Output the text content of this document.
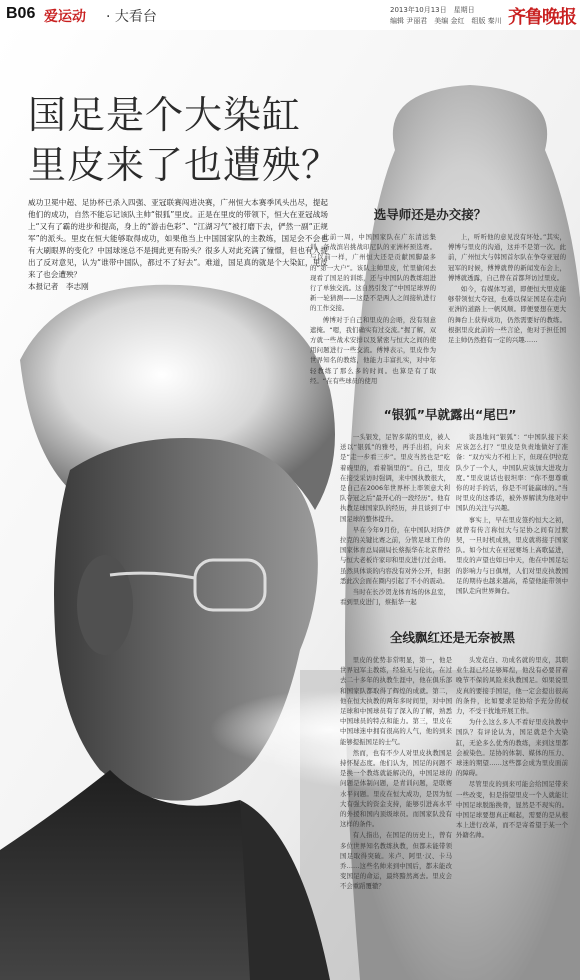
B06 爱运动 · 大看台	2013年10月13日　星期日
编辑 尹丽君　美编 金红　组版 秦川 齐鲁晚报
国足是个大染缸
里皮来了也遭殃？
威功卫冕中超、足协杯已杀入四强、亚冠联赛闯进决赛，广州恒大本赛季风头出尽，提起他们的成功，自然不能忘记该队主帅“银狐”里皮。正是在里皮的带领下，恒大在亚冠战场上“又有了霸的进步和提高，身上的“游击色彩”、“江湖习气”被打磨下去，俨然一副“正规军”的派头。里皮在恒大能够取得成功，如果他当上中国国家队的主教练，国足会不会也有大刷眼界的变化？中国球迷总不是拥此更有盼头？很多人对此充满了憧憬，但也有人提出了反对意见，认为“谁带中国队，都过不了好去”。难道，国足真的就是个大染缸，里皮来了也会遭殃？
本报记者　李志刚
选导师还是办交接？

此前一周，中国国家队在广东清远集训，备战滨岩挑战印尼队的亚洲杯预选赛。与以前一样，广州恒大还是贡献国脚最多的“第一大户”。该队主帅里皮，忙里偷闲去现看了国足的训练，还与中国队的教练组进行了单独交流。这自然引发了“中国足球界的新一轮猜测——这是不是两人之间接轨进行的工作交接。

傅博对于自己和里皮的会晤，没有刻意遮掩。“嗯，我们确实有过交流。”握了解，双方就一些战术安排以及紧密与恒大之间的使用问题进行一些交流。傅博表示，里皮作为世界知名的教练，他能力丰富扎实，对中年轻教练了那么多的时间。也算是有了取经。“在有些球员的使用

上，听听他的意见没有坏处。”其实，傅博与里皮的沟通，这并不是第一次。此前，广州恒大与韩国首尔队在争夺亚冠的冠军的时候，傅博就曾的新闻发布会上，傅博就透露，自己曾在首都拜访过里皮。

如今，有媒体写道，即便恒大里皮能够带领恒大夺冠，也难以保证国足在走向亚洲的道路上一帆风顺。即便要想在更大的舞台上获得成功，仍然需要好的教练。根据里皮此前的一些言论，他对于担任国足主帅仍然抱有一定的兴趣……

“银狐”早就露出“尾巴”

一头银发，足智多谋的里皮，被人送以“银狐”的雅号，再手出招，向来是“走一步看三步”。里皮当然也是“吃着碗里的，看着锅里的”。自己，里皮在接受采访时强调，来中国执教很大，是自己在2006年世界杯上率领意大利队夺冠之后“最开心的一段经历”。他有执教足球国家队的经历，并且谈到了中国足球的整体提升。

早在今年9月份，在中国队对阵伊拉克的关键比赛之前，分管足球工作的国家体育总局副局长蔡振华在北京曾经与恒大老板许家印和里皮进行过会晤。虽然具体谈的内容没有对外公开，但据悉此次会面在圈内引起了不小的震动。

当时在长沙贺龙体育场的休息室，看到里皮进门，蔡振华一起

谈恳地问“银狐”：“中国队接下来应该怎么打？”里皮是负责地做好了准备：“双方实力不相上下，但现在伊拉克队少了一个人，中国队应该加大进攻力度。”里皮说话也很坦率：“你不想尊重你的对手的话，你是不可能赢球的。”当时里皮的这番话，被外界解读为他对中国队的关注与兴趣。

事实上，早在里皮签约恒大之初，就曾有传言称恒大与足协之间有过默契，一旦时机成熟，里皮就将接手国家队。如今恒大在亚冠赛场上高歌猛进，里皮的声望也如日中天，他在中国足坛的影响力与日俱增，人们对里皮执教国足的期待也越来越高，希望他能带领中国队走向世界舞台。

全线飘红还是无奈被黑

里皮的优势非常明显，第一，他是世界冠军主教练，经验无与伦比，在过去二十多年的执教生涯中，他在俱乐部和国家队都取得了辉煌的成就。第二，他在恒大执教的两年多时间里，对中国足球和中国球员有了深入的了解，熟悉中国球员的特点和能力。第三，里皮在中国球迷中拥有很高的人气，他的到来能够提振国足的士气。

然而，也有不少人对里皮执教国足持怀疑态度。他们认为，国足的问题不是换一个教练就能解决的，中国足球的问题是体制问题，是青训问题，是联赛水平问题。里皮在恒大成功，是因为恒大有强大的资金支持，能够引进高水平的外援和国内顶级球员。而国家队没有这样的条件。

有人指出，在国足的历史上，曾有多位世界知名教练执教，但都未能带领国足取得突破。米卢、阿里·汉、卡马乔……这些名帅来到中国后，都未能改变国足的命运，最终黯然离去。里皮会不会重蹈覆辙？

头发花白、功成名就的里皮，其职业生涯已经足够辉煌，他没有必要冒着晚节不保的风险来执教国足。如果说里皮真的要接手国足，他一定会提出很高的条件，比如要求足协给予充分的权力，不受干扰地开展工作。

为什么这么多人不看好里皮执教中国队？有评论认为，国足就是个大染缸，无论多么优秀的教练，来到这里都会被染色。足协的体制、媒体的压力、球迷的期望……这些都会成为里皮面前的障碍。

尽管里皮的到来可能会给国足带来一些改变，但是指望里皮一个人就能让中国足球脱胎换骨，显然是不现实的。中国足球要想真正崛起，需要的是从根本上进行改革，而不是寄希望于某一个外籍名帅。
